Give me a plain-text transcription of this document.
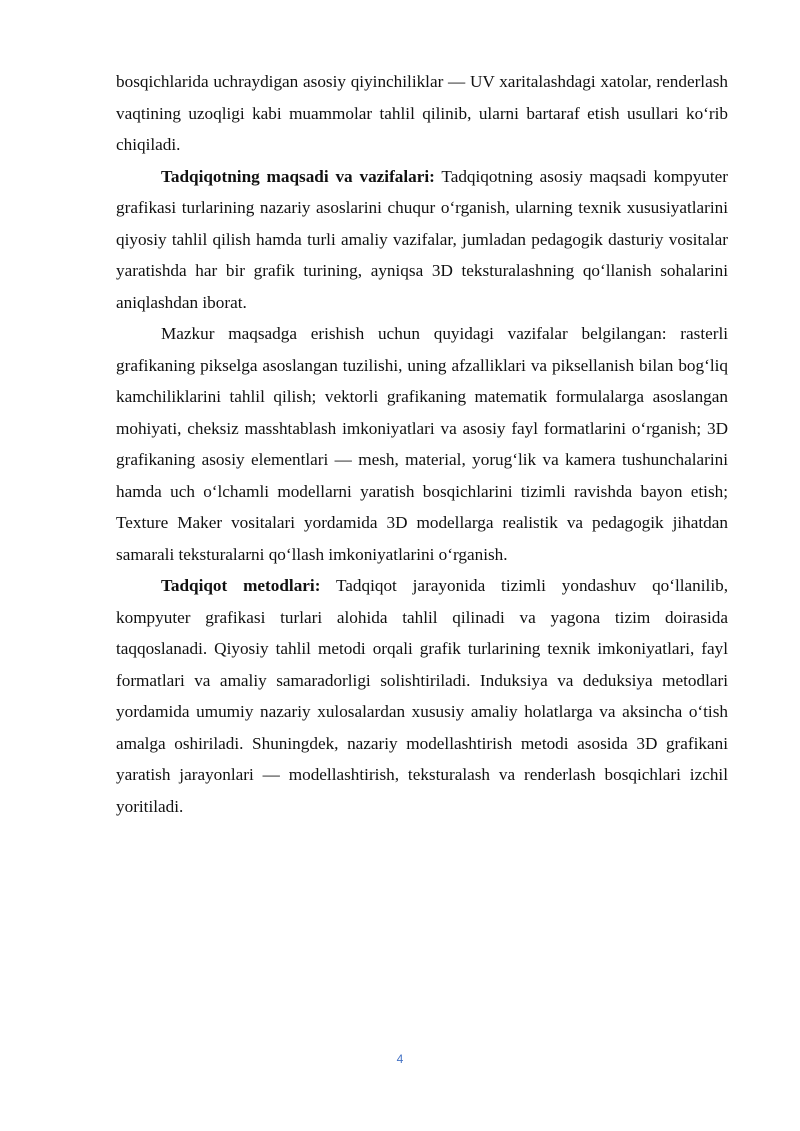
bosqichlarida uchraydigan asosiy qiyinchiliklar — UV xaritalashdagi xatolar, renderlash vaqtining uzoqligi kabi muammolar tahlil qilinib, ularni bartaraf etish usullari ko‘rib chiqiladi.

Tadqiqotning maqsadi va vazifalari: Tadqiqotning asosiy maqsadi kompyuter grafikasi turlarining nazariy asoslarini chuqur o‘rganish, ularning texnik xususiyatlarini qiyosiy tahlil qilish hamda turli amaliy vazifalar, jumladan pedagogik dasturiy vositalar yaratishda har bir grafik turining, ayniqsa 3D teksturalashning qo‘llanish sohalarini aniqlashdan iborat.

Mazkur maqsadga erishish uchun quyidagi vazifalar belgilangan: rasterli grafikaning pikselga asoslangan tuzilishi, uning afzalliklari va piksellanish bilan bog‘liq kamchiliklarini tahlil qilish; vektorli grafikaning matematik formulalarga asoslangan mohiyati, cheksiz masshtablash imkoniyatlari va asosiy fayl formatlarini o‘rganish; 3D grafikaning asosiy elementlari — mesh, material, yorug‘lik va kamera tushunchalarini hamda uch o‘lchamli modellarni yaratish bosqichlarini tizimli ravishda bayon etish; Texture Maker vositalari yordamida 3D modellarga realistik va pedagogik jihatdan samarali teksturalarni qo‘llash imkoniyatlarini o‘rganish.

Tadqiqot metodlari: Tadqiqot jarayonida tizimli yondashuv qo‘llanilib, kompyuter grafikasi turlari alohida tahlil qilinadi va yagona tizim doirasida taqqoslanadi. Qiyosiy tahlil metodi orqali grafik turlarining texnik imkoniyatlari, fayl formatlari va amaliy samaradorligi solishtiriladi. Induksiya va deduksiya metodlari yordamida umumiy nazariy xulosalardan xususiy amaliy holatlarga va aksincha o‘tish amalga oshiriladi. Shuningdek, nazariy modellashtirish metodi asosida 3D grafikani yaratish jarayonlari — modellashtirish, teksturalash va renderlash bosqichlari izchil yoritiladi.

4
